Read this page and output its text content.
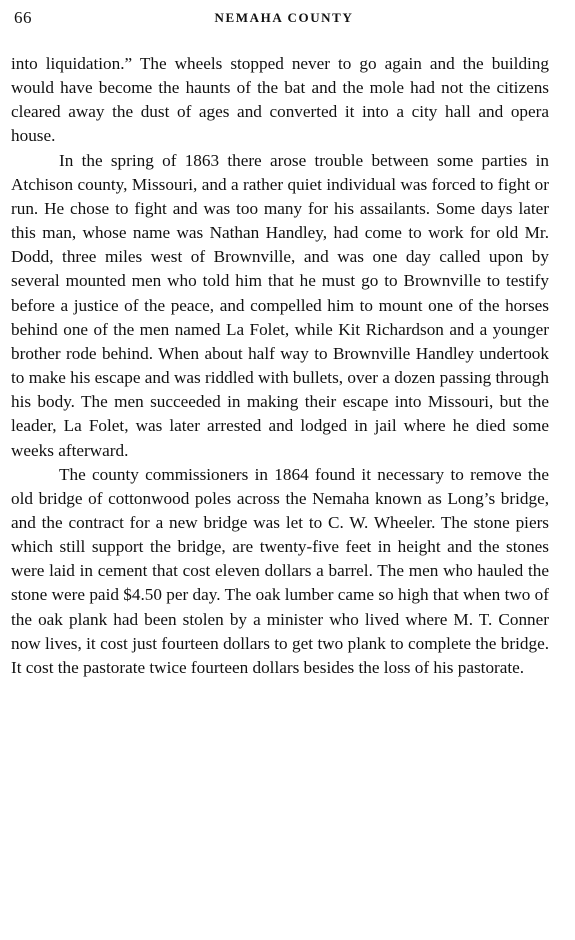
66	NEMAHA COUNTY

into liquidation.” The wheels stopped never to go again and the building would have become the haunts of the bat and the mole had not the citizens cleared away the dust of ages and converted it into a city hall and opera house.

In the spring of 1863 there arose trouble between some parties in Atchison county, Missouri, and a rather quiet individual was forced to fight or run. He chose to fight and was too many for his assailants. Some days later this man, whose name was Nathan Handley, had come to work for old Mr. Dodd, three miles west of Brownville, and was one day called upon by several mounted men who told him that he must go to Brownville to testify before a justice of the peace, and compelled him to mount one of the horses behind one of the men named La Folet, while Kit Richardson and a younger brother rode behind. When about half way to Brownville Handley undertook to make his escape and was riddled with bullets, over a dozen passing through his body. The men succeeded in making their escape into Missouri, but the leader, La Folet, was later arrested and lodged in jail where he died some weeks afterward.

The county commissioners in 1864 found it necessary to remove the old bridge of cottonwood poles across the Nemaha known as Long’s bridge, and the contract for a new bridge was let to C. W. Wheeler. The stone piers which still support the bridge, are twenty-five feet in height and the stones were laid in cement that cost eleven dollars a barrel. The men who hauled the stone were paid $4.50 per day. The oak lumber came so high that when two of the oak plank had been stolen by a minister who lived where M. T. Conner now lives, it cost just fourteen dollars to get two plank to complete the bridge. It cost the pastorate twice fourteen dollars besides the loss of his pastorate.
